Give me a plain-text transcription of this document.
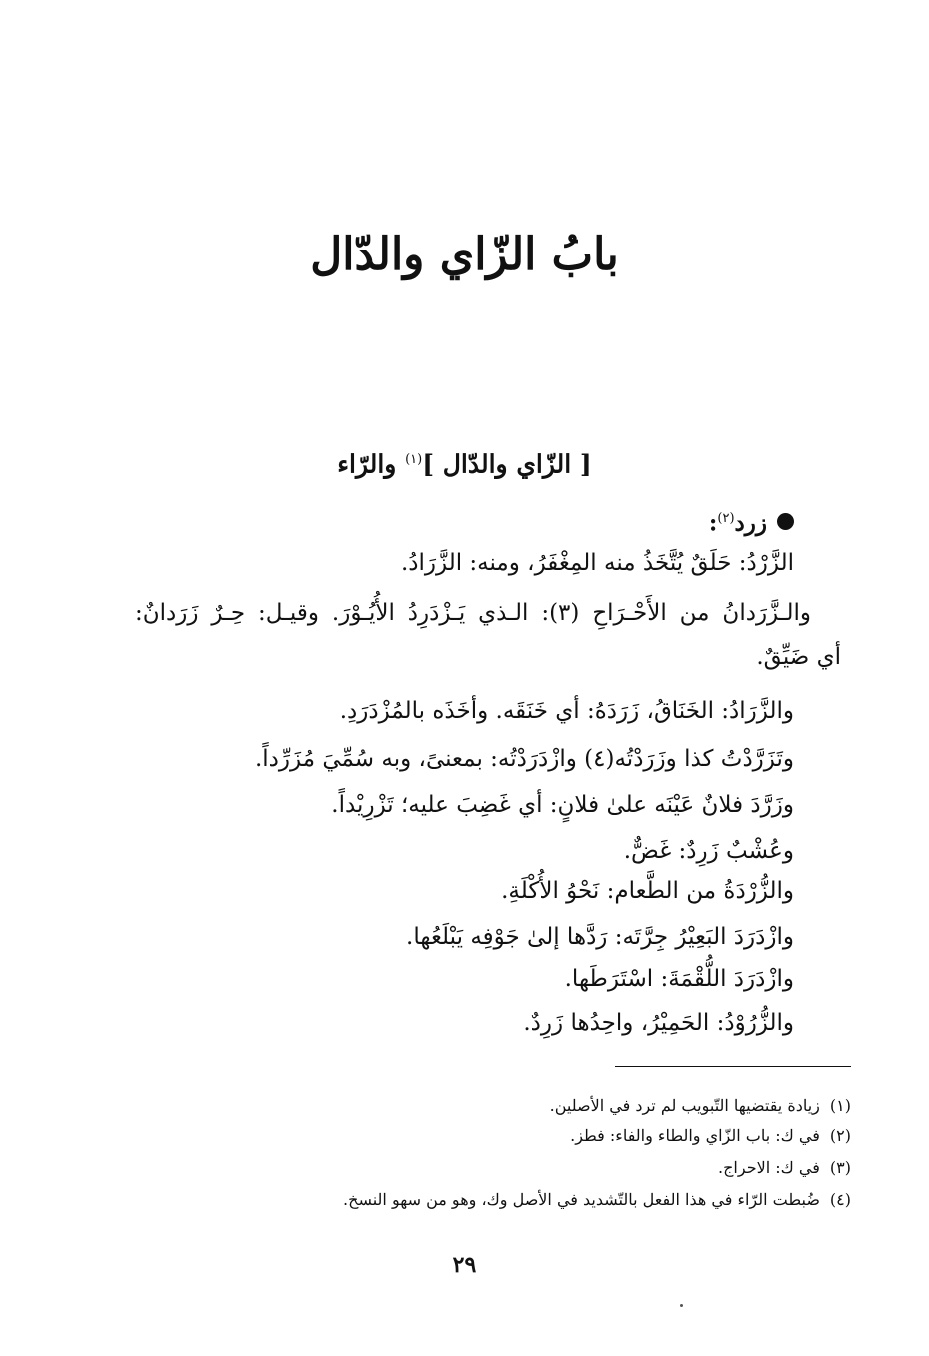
بابُ الزّاي والدّال
[ الزّاي والدّال ]$^{(١)}$ والرّاء
زرد$^{(٢)}$:
الزَّرْدُ: حَلَقٌ يُتَّخَذُ منه المِغْفَرُ، ومنه: الزَّرَادُ.
والـزَّرَدانُ من الأَحْـرَاحِ (٣): الـذي يَـزْدَرِدُ الأُيُـوْرَ. وقيـل: حِـرٌ زَرَدانٌ:
أي ضَيِّقٌ.
والزَّرَادُ: الخَنَاقُ، زَرَدَهُ: أي خَنَقَه. وأخَذَه بالمُزْدَرَدِ.
وتَزَرَّدْتُ كذا وزَرَدْتُه(٤) وازْدَرَدْتُه: بمعنىً، وبه سُمِّيَ مُزَرِّداً.
وزَرَّدَ فلانٌ عَيْنَه علىٰ فلانٍ: أي غَضِبَ عليه؛ تَزْرِيْداً.
وعُشْبٌ زَرِدٌ: غَضٌّ.
والزُّرْدَةُ من الطَّعام: نَحْوُ الأُكْلَةِ.
وازْدَرَدَ البَعِيْرُ جِرَّتَه: رَدَّها إلىٰ جَوْفِه يَبْلَعُها.
وازْدَرَدَ اللُّقْمَةَ: اسْتَرَطَها.
والزُّرُوْدُ: الحَمِيْرُ، واحِدُها زَرِدٌ.
(١)زيادة يقتضيها التّبويب لم ترد في الأصلين.
(٢)في ك: باب الزّاي والطاء والفاء: فطز.
(٣)في ك: الاحراج.
(٤)ضُبطت الرّاء في هذا الفعل بالتّشديد في الأصل وك، وهو من سهو النسخ.
٢٩
